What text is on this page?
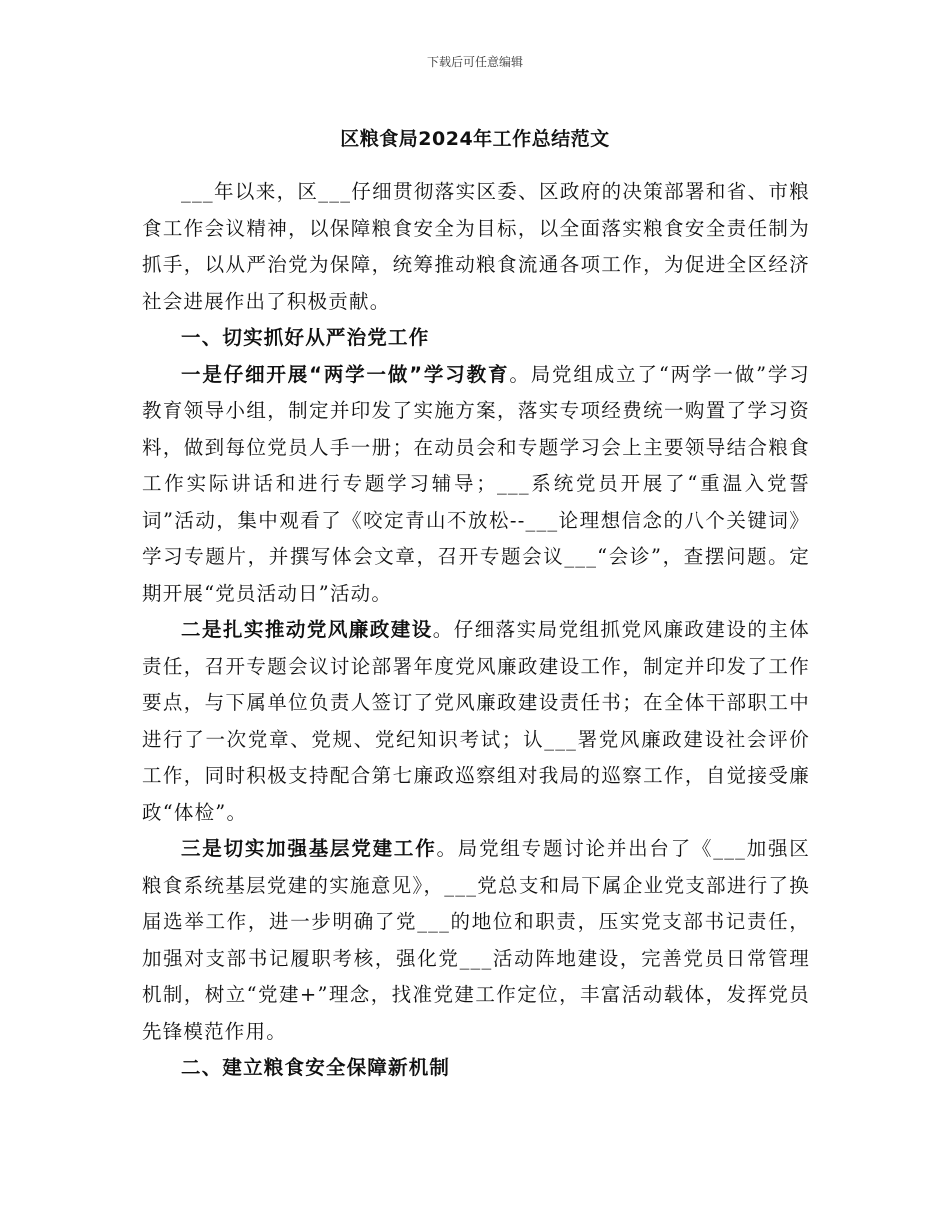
下载后可任意编辑
区粮食局2024年工作总结范文

___年以来，区___仔细贯彻落实区委、区政府的决策部署和省、市粮食工作会议精神，以保障粮食安全为目标，以全面落实粮食安全责任制为抓手，以从严治党为保障，统筹推动粮食流通各项工作，为促进全区经济社会进展作出了积极贡献。

一、切实抓好从严治党工作

一是仔细开展“两学一做”学习教育。局党组成立了“两学一做”学习教育领导小组，制定并印发了实施方案，落实专项经费统一购置了学习资料，做到每位党员人手一册；在动员会和专题学习会上主要领导结合粮食工作实际讲话和进行专题学习辅导；___系统党员开展了“重温入党誓词”活动，集中观看了《咬定青山不放松--___论理想信念的八个关键词》学习专题片，并撰写体会文章，召开专题会议___“会诊”，查摆问题。定期开展“党员活动日”活动。

二是扎实推动党风廉政建设。仔细落实局党组抓党风廉政建设的主体责任，召开专题会议讨论部署年度党风廉政建设工作，制定并印发了工作要点，与下属单位负责人签订了党风廉政建设责任书；在全体干部职工中进行了一次党章、党规、党纪知识考试；认___署党风廉政建设社会评价工作，同时积极支持配合第七廉政巡察组对我局的巡察工作，自觉接受廉政“体检”。

三是切实加强基层党建工作。局党组专题讨论并出台了《___加强区粮食系统基层党建的实施意见》，___党总支和局下属企业党支部进行了换届选举工作，进一步明确了党___的地位和职责，压实党支部书记责任，加强对支部书记履职考核，强化党___活动阵地建设，完善党员日常管理机制，树立“党建+”理念，找准党建工作定位，丰富活动载体，发挥党员先锋模范作用。

二、建立粮食安全保障新机制
